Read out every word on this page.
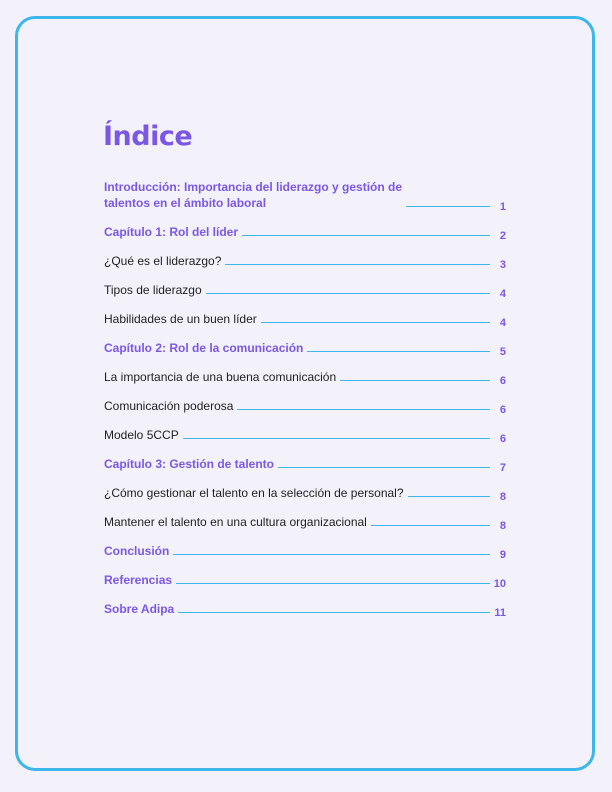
Índice
Introducción: Importancia del liderazgo y gestión de
talentos en el ámbito laboral	1
Capítulo 1: Rol del líder	2
¿Qué es el liderazgo?	3
Tipos de liderazgo	4
Habilidades de un buen líder	4
Capítulo 2: Rol de la comunicación	5
La importancia de una buena comunicación	6
Comunicación poderosa	6
Modelo 5CCP	6
Capítulo 3: Gestión de talento	7
¿Cómo gestionar el talento en la selección de personal?	8
Mantener el talento en una cultura organizacional	8
Conclusión	9
Referencias	10
Sobre Adipa	11
